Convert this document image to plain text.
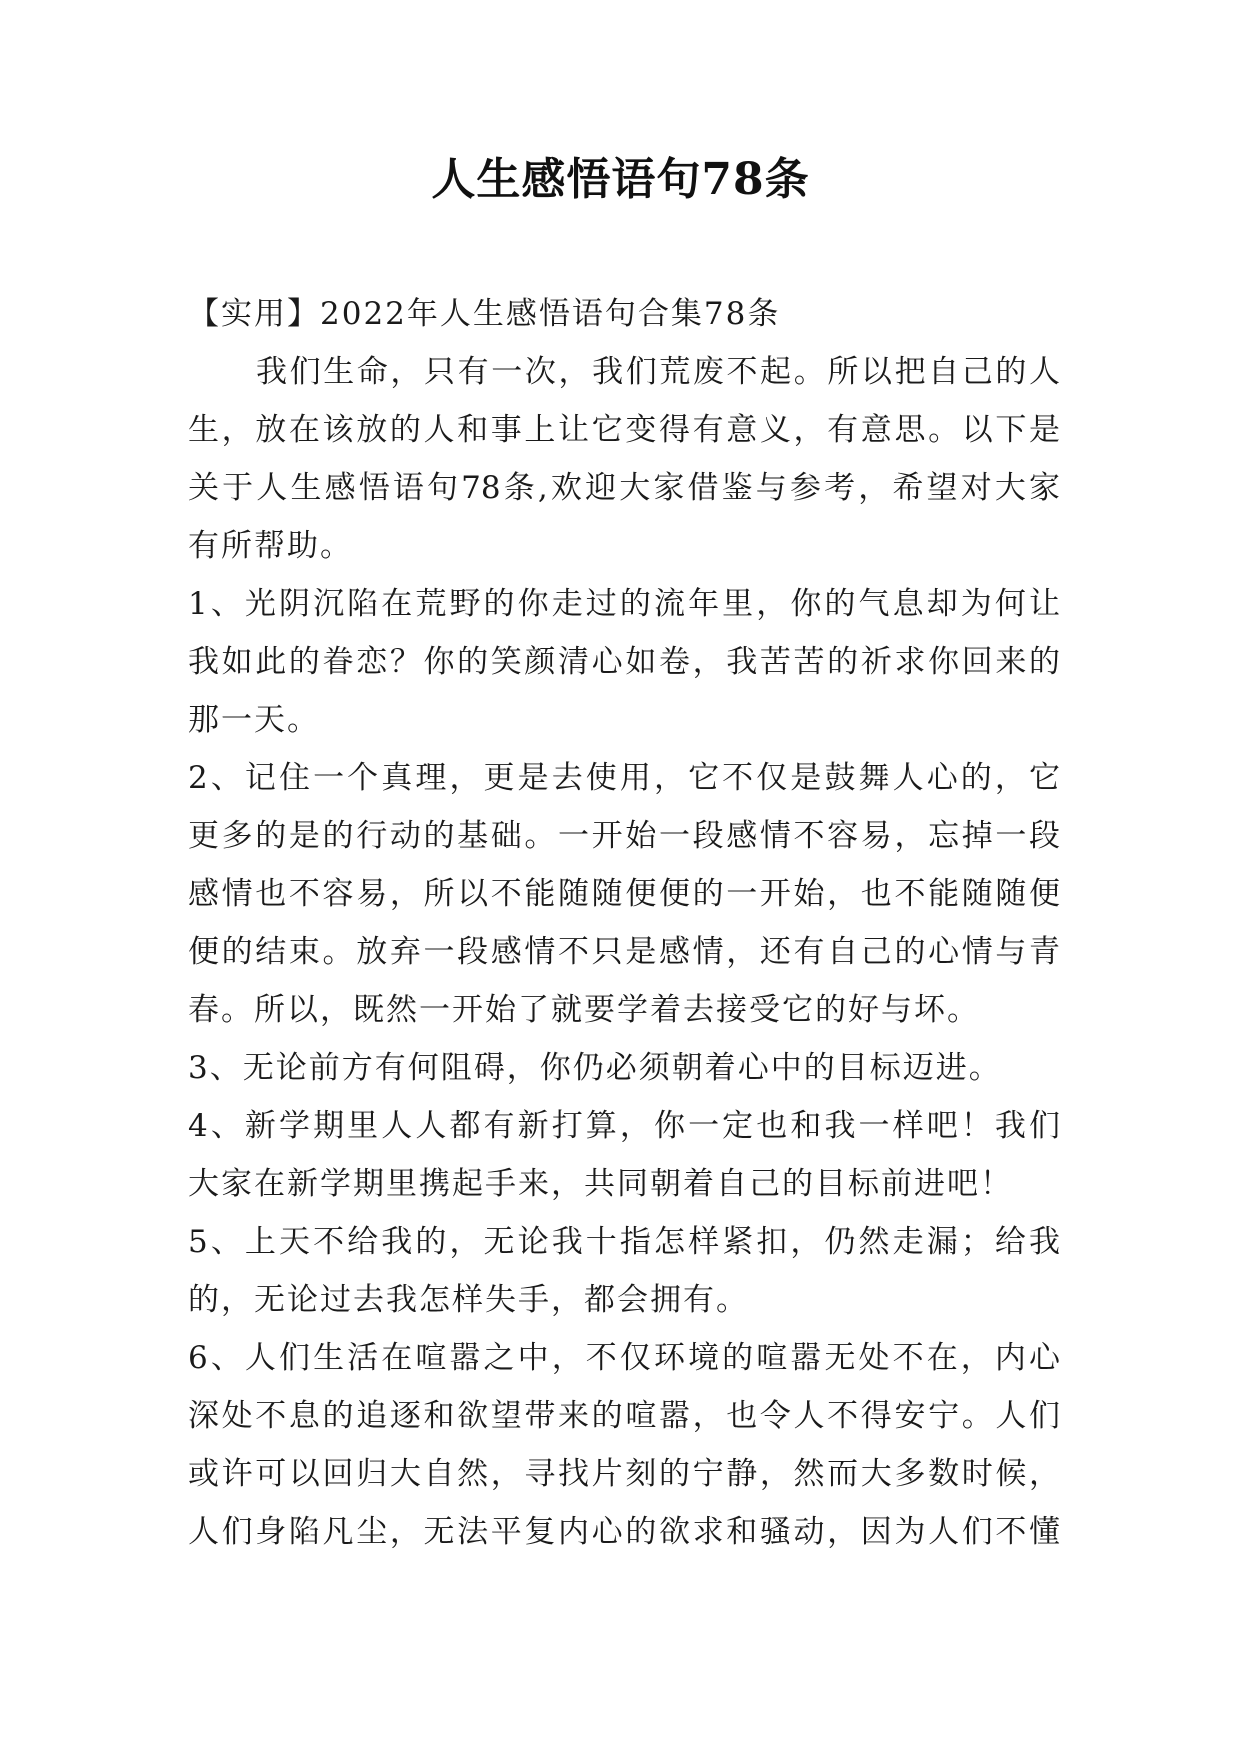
人生感悟语句78条
【实用】2022年人生感悟语句合集78条
我们生命，只有一次，我们荒废不起。所以把自己的人
生，放在该放的人和事上让它变得有意义，有意思。以下是
关于人生感悟语句78条,欢迎大家借鉴与参考，希望对大家
有所帮助。
1、光阴沉陷在荒野的你走过的流年里，你的气息却为何让
我如此的眷恋？你的笑颜清心如卷，我苦苦的祈求你回来的
那一天。
2、记住一个真理，更是去使用，它不仅是鼓舞人心的，它
更多的是的行动的基础。一开始一段感情不容易，忘掉一段
感情也不容易，所以不能随随便便的一开始，也不能随随便
便的结束。放弃一段感情不只是感情，还有自己的心情与青
春。所以，既然一开始了就要学着去接受它的好与坏。
3、无论前方有何阻碍，你仍必须朝着心中的目标迈进。
4、新学期里人人都有新打算，你一定也和我一样吧！我们
大家在新学期里携起手来，共同朝着自己的目标前进吧！
5、上天不给我的，无论我十指怎样紧扣，仍然走漏；给我
的，无论过去我怎样失手，都会拥有。
6、人们生活在喧嚣之中，不仅环境的喧嚣无处不在，内心
深处不息的追逐和欲望带来的喧嚣，也令人不得安宁。人们
或许可以回归大自然，寻找片刻的宁静，然而大多数时候，
人们身陷凡尘，无法平复内心的欲求和骚动，因为人们不懂
